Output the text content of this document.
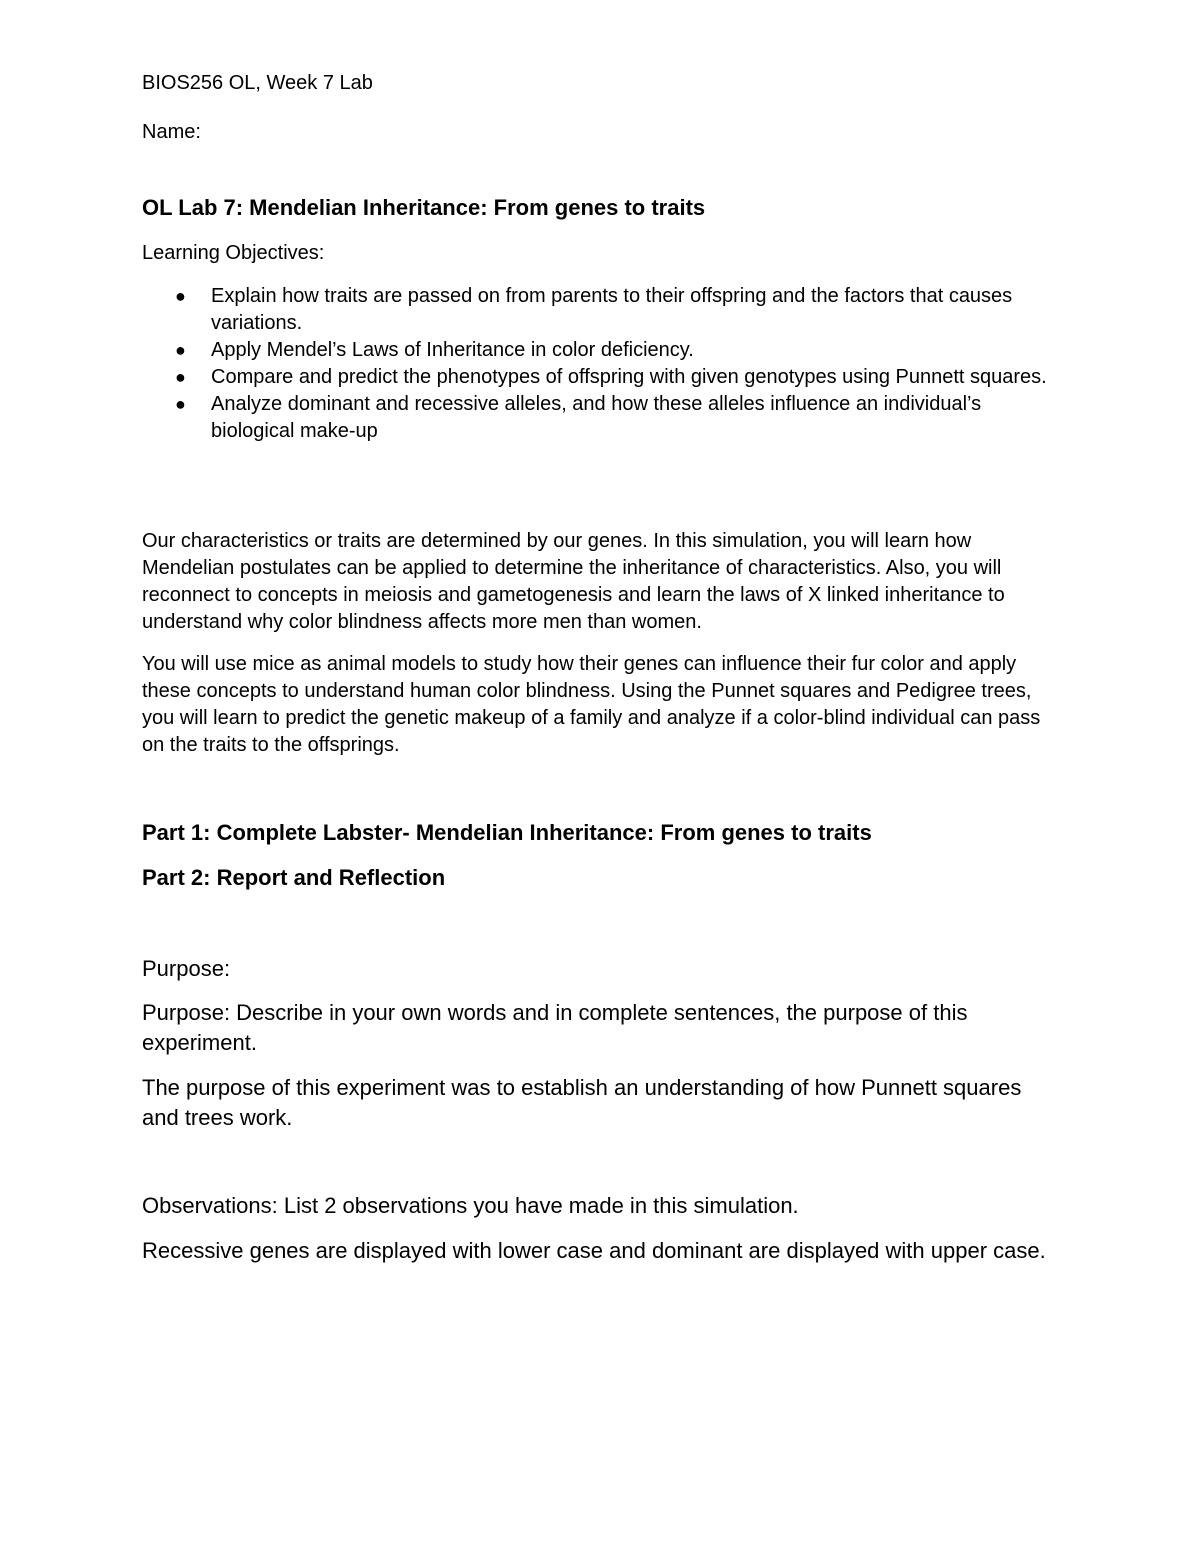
BIOS256 OL, Week 7 Lab

Name:

OL Lab 7: Mendelian Inheritance: From genes to traits

Learning Objectives:

● Explain how traits are passed on from parents to their offspring and the factors that causes variations.
● Apply Mendel’s Laws of Inheritance in color deficiency.
● Compare and predict the phenotypes of offspring with given genotypes using Punnett squares.
● Analyze dominant and recessive alleles, and how these alleles influence an individual’s biological make-up

Our characteristics or traits are determined by our genes. In this simulation, you will learn how Mendelian postulates can be applied to determine the inheritance of characteristics. Also, you will reconnect to concepts in meiosis and gametogenesis and learn the laws of X linked inheritance to understand why color blindness affects more men than women.

You will use mice as animal models to study how their genes can influence their fur color and apply these concepts to understand human color blindness. Using the Punnet squares and Pedigree trees, you will learn to predict the genetic makeup of a family and analyze if a color-blind individual can pass on the traits to the offsprings.

Part 1: Complete Labster- Mendelian Inheritance: From genes to traits

Part 2: Report and Reflection

Purpose:

Purpose: Describe in your own words and in complete sentences, the purpose of this experiment.

The purpose of this experiment was to establish an understanding of how Punnett squares and trees work.

Observations: List 2 observations you have made in this simulation.

Recessive genes are displayed with lower case and dominant are displayed with upper case.
